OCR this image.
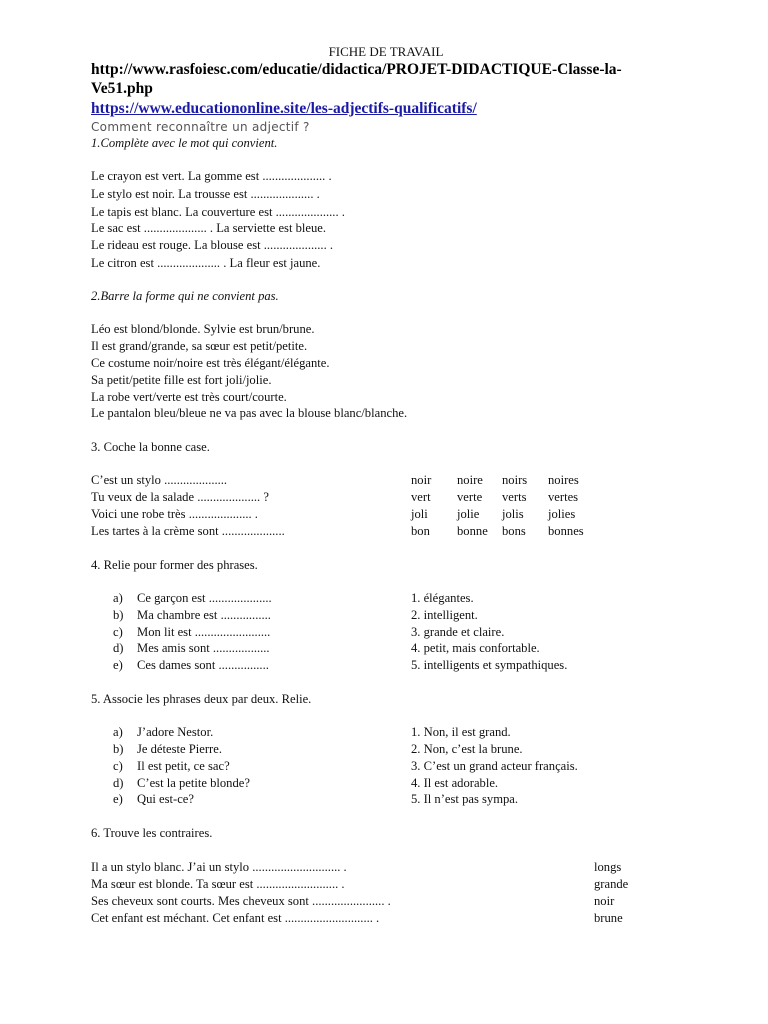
FICHE DE TRAVAIL
http://www.rasfoiesc.com/educatie/didactica/PROJET-DIDACTIQUE-Classe-la-
Ve51.php
https://www.educationonline.site/les-adjectifs-qualificatifs/
Comment reconnaître un adjectif ?
1.Complète avec le mot qui convient.
Le crayon est vert. La gomme est .................... .
Le stylo est noir. La trousse est .................... .
Le tapis est blanc. La couverture est .................... .
Le sac est .................... . La serviette est bleue.
Le rideau est rouge. La blouse est .................... .
Le citron est .................... . La fleur est jaune.
2.Barre la forme qui ne convient pas.
Léo est blond/blonde. Sylvie est brun/brune.
Il est grand/grande, sa sœur est petit/petite.
Ce costume noir/noire est très élégant/élégante.
Sa petit/petite fille est fort joli/jolie.
La robe vert/verte est très court/courte.
Le pantalon bleu/bleue ne va pas avec la blouse blanc/blanche.
3. Coche la bonne case.
C’est un stylo ....................	noir noire noirs noires
Tu veux de la salade .................... ?	vert verte verts vertes
Voici une robe très .................... .	joli jolie jolis jolies
Les tartes à la crème sont ....................	bon bonne bons bonnes
4. Relie pour former des phrases.
a) Ce garçon est ....................	1. élégantes.
b) Ma chambre est ................	2. intelligent.
c) Mon lit est ........................	3. grande et claire.
d) Mes amis sont ..................	4. petit, mais confortable.
e) Ces dames sont ................	5. intelligents et sympathiques.
5. Associe les phrases deux par deux. Relie.
a) J’adore Nestor.	1. Non, il est grand.
b) Je déteste Pierre.	2. Non, c’est la brune.
c) Il est petit, ce sac?	3. C’est un grand acteur français.
d) C’est la petite blonde?	4. Il est adorable.
e) Qui est-ce?	5. Il n’est pas sympa.
6. Trouve les contraires.
Il a un stylo blanc. J’ai un stylo ............................ .	longs
Ma sœur est blonde. Ta sœur est .......................... .	grande
Ses cheveux sont courts. Mes cheveux sont ....................... .	noir
Cet enfant est méchant. Cet enfant est ............................ .	brune
